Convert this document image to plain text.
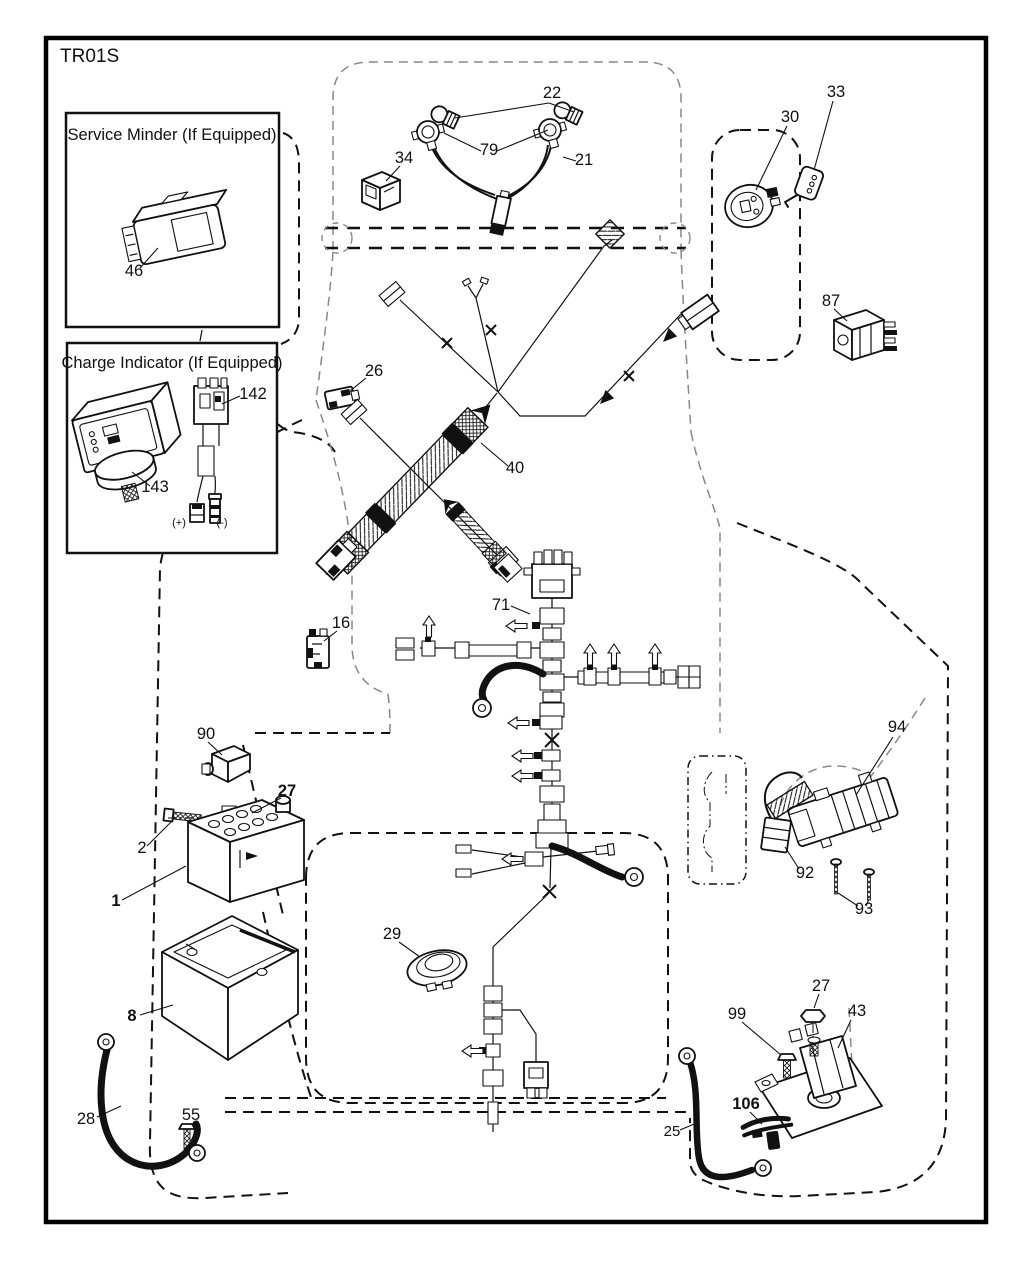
TR01S
Service Minder (If Equipped)
Charge Indicator (If Equipped)
22
79
21
34
33
30
87
26
142
143
46
40
16
71
90
27
2
1
8
29
28	55
94
92
93
27
43
99
106
25
(+)	(-)
